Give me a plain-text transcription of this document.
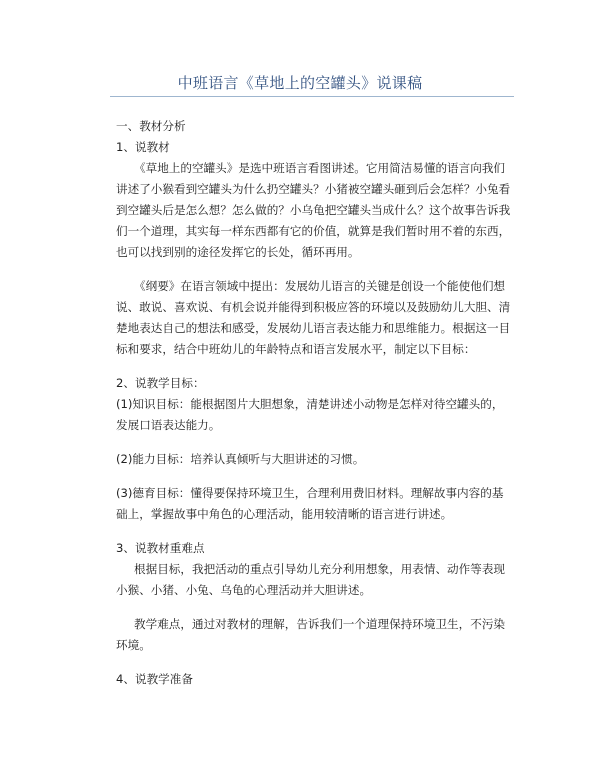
中班语言《草地上的空罐头》说课稿

一、教材分析

1、说教材

《草地上的空罐头》是选中班语言看图讲述。它用简洁易懂的语言向我们讲述了小猴看到空罐头为什么扔空罐头？小猪被空罐头砸到后会怎样？小兔看到空罐头后是怎么想？怎么做的？小乌龟把空罐头当成什么？这个故事告诉我们一个道理，其实每一样东西都有它的价值，就算是我们暂时用不着的东西，也可以找到别的途径发挥它的长处，循环再用。

《纲要》在语言领域中提出：发展幼儿语言的关键是创设一个能使他们想说、敢说、喜欢说、有机会说并能得到积极应答的环境以及鼓励幼儿大胆、清楚地表达自己的想法和感受，发展幼儿语言表达能力和思维能力。根据这一目标和要求，结合中班幼儿的年龄特点和语言发展水平，制定以下目标：

2、说教学目标：

(1)知识目标：能根据图片大胆想象，清楚讲述小动物是怎样对待空罐头的，发展口语表达能力。

(2)能力目标：培养认真倾听与大胆讲述的习惯。

(3)德育目标：懂得要保持环境卫生，合理利用费旧材料。理解故事内容的基础上，掌握故事中角色的心理活动，能用较清晰的语言进行讲述。

3、说教材重难点

根据目标，我把活动的重点引导幼儿充分利用想象，用表情、动作等表现小猴、小猪、小兔、乌龟的心理活动并大胆讲述。

教学难点，通过对教材的理解，告诉我们一个道理保持环境卫生，不污染环境。

4、说教学准备
